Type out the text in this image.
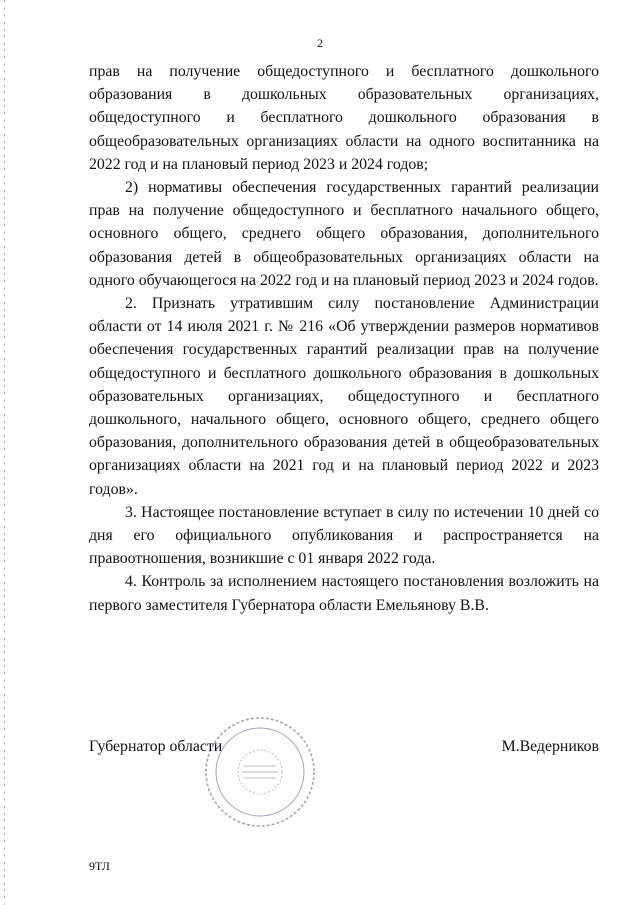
2

прав на получение общедоступного и бесплатного дошкольного образования в дошкольных образовательных организациях, общедоступного и бесплатного дошкольного образования в общеобразовательных организациях области на одного воспитанника на 2022 год и на плановый период 2023 и 2024 годов;

2) нормативы обеспечения государственных гарантий реализации прав на получение общедоступного и бесплатного начального общего, основного общего, среднего общего образования, дополнительного образования детей в общеобразовательных организациях области на одного обучающегося на 2022 год и на плановый период 2023 и 2024 годов.

2. Признать утратившим силу постановление Администрации области от 14 июля 2021 г. № 216 «Об утверждении размеров нормативов обеспечения государственных гарантий реализации прав на получение общедоступного и бесплатного дошкольного образования в дошкольных образовательных организациях, общедоступного и бесплатного дошкольного, начального общего, основного общего, среднего общего образования, дополнительного образования детей в общеобразовательных организациях области на 2021 год и на плановый период 2022 и 2023 годов».

3. Настоящее постановление вступает в силу по истечении 10 дней со дня его официального опубликования и распространяется на правоотношения, возникшие с 01 января 2022 года.

4. Контроль за исполнением настоящего постановления возложить на первого заместителя Губернатора области Емельянову В.В.

Губернатор области	М.Ведерников
9ТЛ
